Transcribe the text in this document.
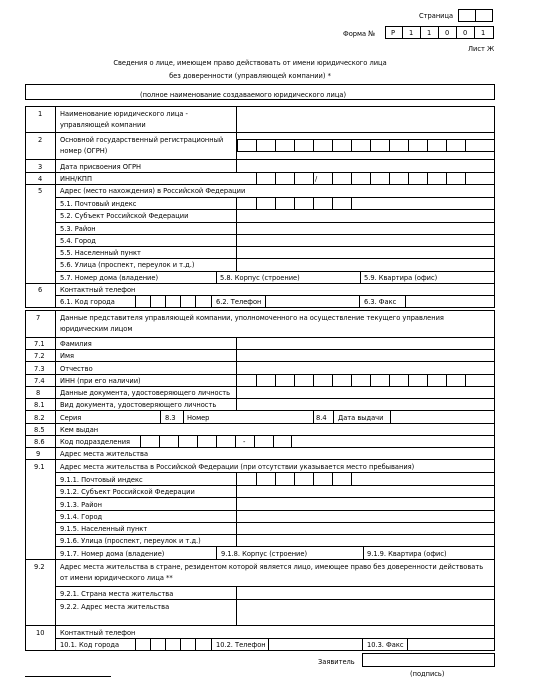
Страница
Форма № Р 1 1 0 0 1
Лист Ж
Сведения о лице, имеющем право действовать от имени юридического лица
без доверенности (управляющей компании) *
(полное наименование создаваемого юридического лица)
1 Наименование юридического лица -
управляющей компании
2 Основной государственный регистрационный
номер (ОГРН)
3 Дата присвоения ОГРН
4 ИНН/КПП	/
5 Адрес (место нахождения) в Российской Федерации
5.1. Почтовый индекс
5.2. Субъект Российской Федерации
5.3. Район
5.4. Город
5.5. Населенный пункт
5.6. Улица (проспект, переулок и т.д.)
5.7. Номер дома (владение)	5.8. Корпус (строение)	5.9. Квартира (офис)
6 Контактный телефон
6.1. Код города	6.2. Телефон	6.3. Факс
7	Данные представителя управляющей компании, уполномоченного на осуществление текущего управления
юридическим лицом
7.1 Фамилия
7.2 Имя
7.3 Отчество
7.4 ИНН (при его наличии)
8	Данные документа, удостоверяющего личность
8.1 Вид документа, удостоверяющего личность
8.2 Серия	8.3 Номер	8.4 Дата выдачи
8.5 Кем выдан
8.6 Код подразделения	-
9	Адрес места жительства
9.1 Адрес места жительства в Российской Федерации (при отсутствии указывается место пребывания)
9.1.1. Почтовый индекс
9.1.2. Субъект Российской Федерации
9.1.3. Район
9.1.4. Город
9.1.5. Населенный пункт
9.1.6. Улица (проспект, переулок и т.д.)
9.1.7. Номер дома (владение)	9.1.8. Корпус (строение)	9.1.9. Квартира (офис)
9.2 Адрес места жительства в стране, резидентом которой является лицо, имеющее право без доверенности действовать
от имени юридического лица **
9.2.1. Страна места жительства
9.2.2. Адрес места жительства
10 Контактный телефон
10.1. Код города	10.2. Телефон	10.3. Факс
Заявитель
(подпись)
